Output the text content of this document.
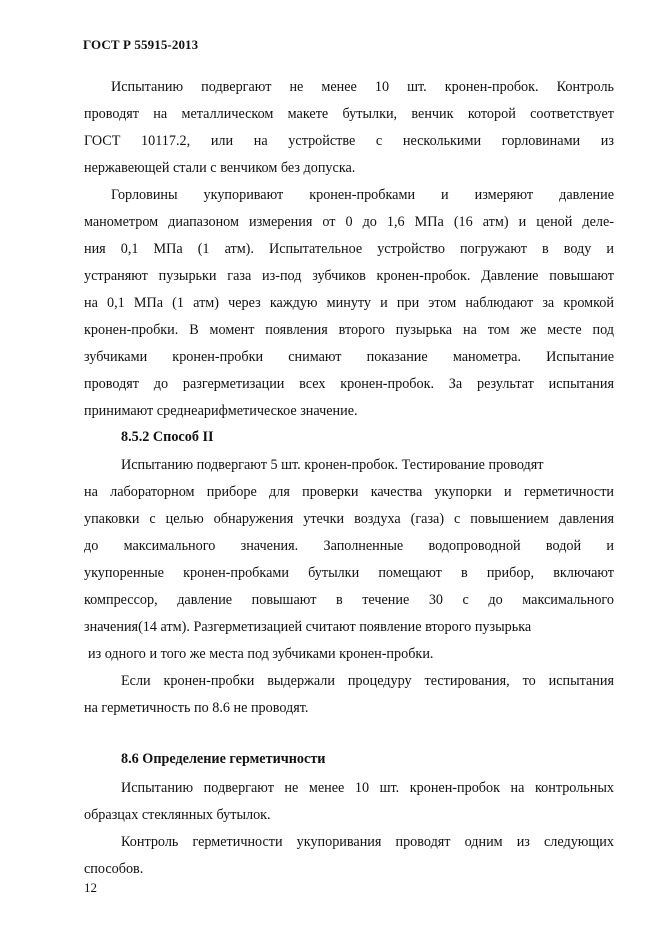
ГОСТ Р 55915-2013
Испытанию подвергают не менее 10 шт. кронен-пробок. Контроль
проводят на металлическом макете бутылки, венчик которой соответствует
ГОСТ 10117.2, или на устройстве с несколькими горловинами из
нержавеющей стали с венчиком без допуска.
Горловины укупоривают кронен-пробками и измеряют давление
манометром диапазоном измерения от 0 до 1,6 МПа (16 атм) и ценой деле-
ния 0,1 МПа (1 атм). Испытательное устройство погружают в воду и
устраняют пузырьки газа из-под зубчиков кронен-пробок. Давление повышают
на 0,1 МПа (1 атм) через каждую минуту и при этом наблюдают за кромкой
кронен-пробки. В момент появления второго пузырька на том же месте под
зубчиками кронен-пробки снимают показание манометра. Испытание
проводят до разгерметизации всех кронен-пробок. За результат испытания
принимают среднеарифметическое значение.
8.5.2 Способ II
Испытанию подвергают 5 шт. кронен-пробок. Тестирование проводят
на лабораторном приборе для проверки качества укупорки и герметичности
упаковки с целью обнаружения утечки воздуха (газа) с повышением давления
до максимального значения. Заполненные водопроводной водой и
укупоренные кронен-пробками бутылки помещают в прибор, включают
компрессор, давление повышают в течение 30 с до максимального
значения(14 атм). Разгерметизацией считают появление второго пузырька
из одного и того же места под зубчиками кронен-пробки.
Если кронен-пробки выдержали процедуру тестирования, то испытания
на герметичность по 8.6 не проводят.
8.6 Определение герметичности
Испытанию подвергают не менее 10 шт. кронен-пробок на контрольных
образцах стеклянных бутылок.
Контроль герметичности укупоривания проводят одним из следующих
способов.
12
